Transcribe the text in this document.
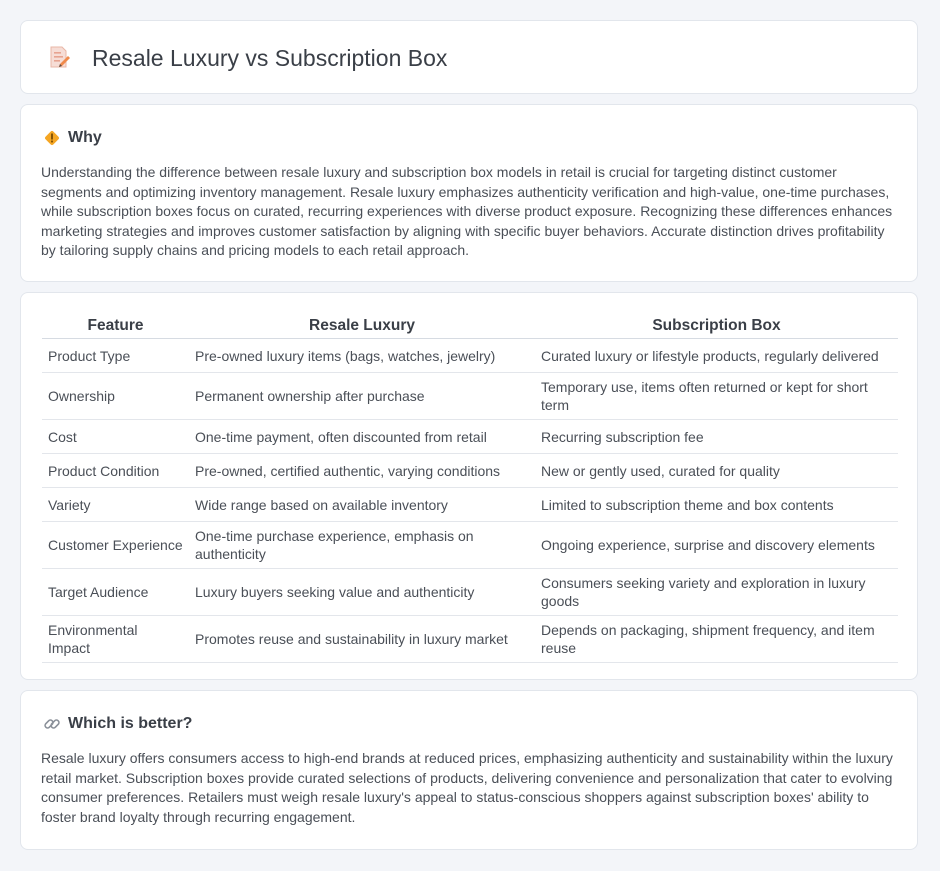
Resale Luxury vs Subscription Box
Why
Understanding the difference between resale luxury and subscription box models in retail is crucial for targeting distinct customer segments and optimizing inventory management. Resale luxury emphasizes authenticity verification and high-value, one-time purchases, while subscription boxes focus on curated, recurring experiences with diverse product exposure. Recognizing these differences enhances marketing strategies and improves customer satisfaction by aligning with specific buyer behaviors. Accurate distinction drives profitability by tailoring supply chains and pricing models to each retail approach.
Feature	Resale Luxury	Subscription Box
Product Type	Pre-owned luxury items (bags, watches, jewelry)	Curated luxury or lifestyle products, regularly delivered
Ownership	Permanent ownership after purchase	Temporary use, items often returned or kept for short term
Cost	One-time payment, often discounted from retail	Recurring subscription fee
Product Condition	Pre-owned, certified authentic, varying conditions	New or gently used, curated for quality
Variety	Wide range based on available inventory	Limited to subscription theme and box contents
Customer Experience	One-time purchase experience, emphasis on authenticity	Ongoing experience, surprise and discovery elements
Target Audience	Luxury buyers seeking value and authenticity	Consumers seeking variety and exploration in luxury goods
Environmental Impact	Promotes reuse and sustainability in luxury market	Depends on packaging, shipment frequency, and item reuse
Which is better?
Resale luxury offers consumers access to high-end brands at reduced prices, emphasizing authenticity and sustainability within the luxury retail market. Subscription boxes provide curated selections of products, delivering convenience and personalization that cater to evolving consumer preferences. Retailers must weigh resale luxury's appeal to status-conscious shoppers against subscription boxes' ability to foster brand loyalty through recurring engagement.
